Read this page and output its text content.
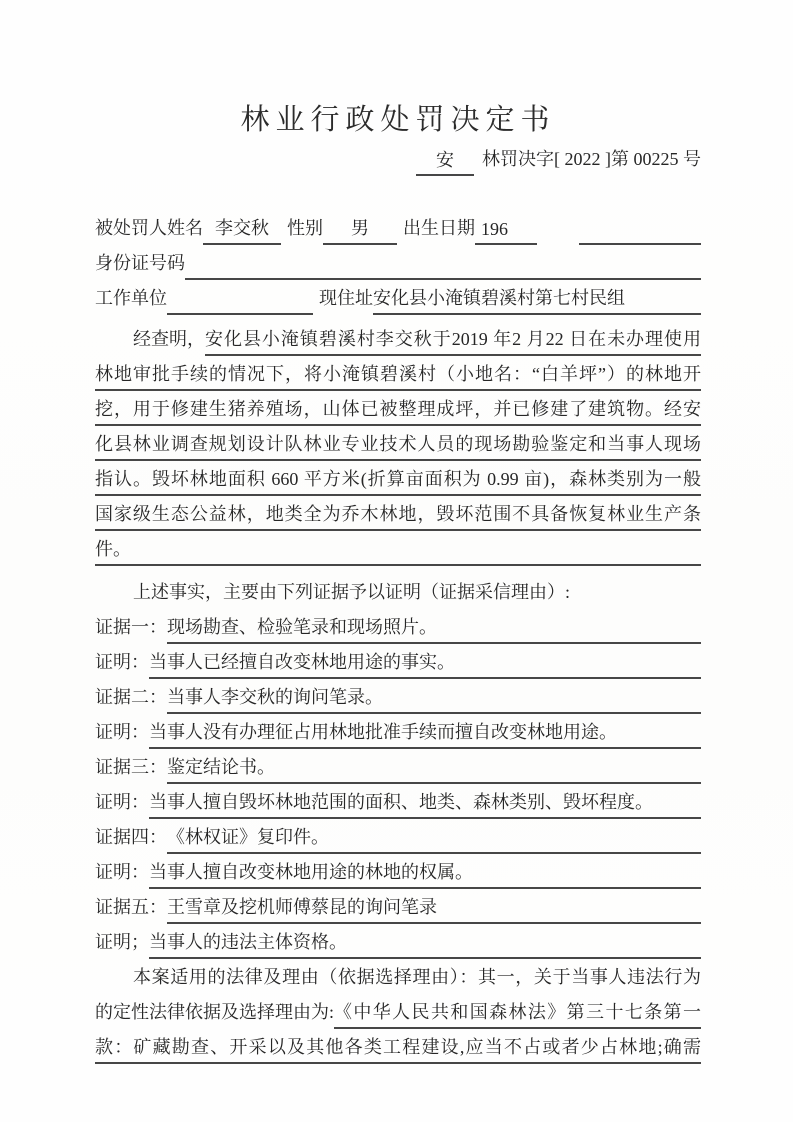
林业行政处罚决定书
安	林罚决字[ 2022 ]第 00225 号
被处罚人姓名 李交秋	性别	男	出生日期 196
身份证号码
工作单位	现住址 安化县小淹镇碧溪村第七村民组
经查明， 安化县小淹镇碧溪村李交秋于2019 年2 月22 日在未办理使用
林地审批手续的情况下，将小淹镇碧溪村（小地名：“白羊坪”）的林地开
挖，用于修建生猪养殖场，山体已被整理成坪，并已修建了建筑物。经安
化县林业调查规划设计队林业专业技术人员的现场勘验鉴定和当事人现场
指认。毁坏林地面积 660 平方米(折算亩面积为 0.99 亩)，森林类别为一般
国家级生态公益林，地类全为乔木林地，毁坏范围不具备恢复林业生产条
件。
上述事实，主要由下列证据予以证明（证据采信理由）:
证据一： 现场勘查、检验笔录和现场照片。
证明： 当事人已经擅自改变林地用途的事实。
证据二： 当事人李交秋的询问笔录。
证明： 当事人没有办理征占用林地批准手续而擅自改变林地用途。
证据三： 鉴定结论书。
证明： 当事人擅自毁坏林地范围的面积、地类、森林类别、毁坏程度。
证据四： 《林权证》复印件。
证明： 当事人擅自改变林地用途的林地的权属。
证据五： 王雪章及挖机师傅蔡昆的询问笔录
证明； 当事人的违法主体资格。
本案适用的法律及理由（依据选择理由）：其一，关于当事人违法行为
的定性法律依据及选择理由为: 《中华人民共和国森林法》第三十七条第一
款：矿藏勘查、开采以及其他各类工程建设,应当不占或者少占林地;确需
